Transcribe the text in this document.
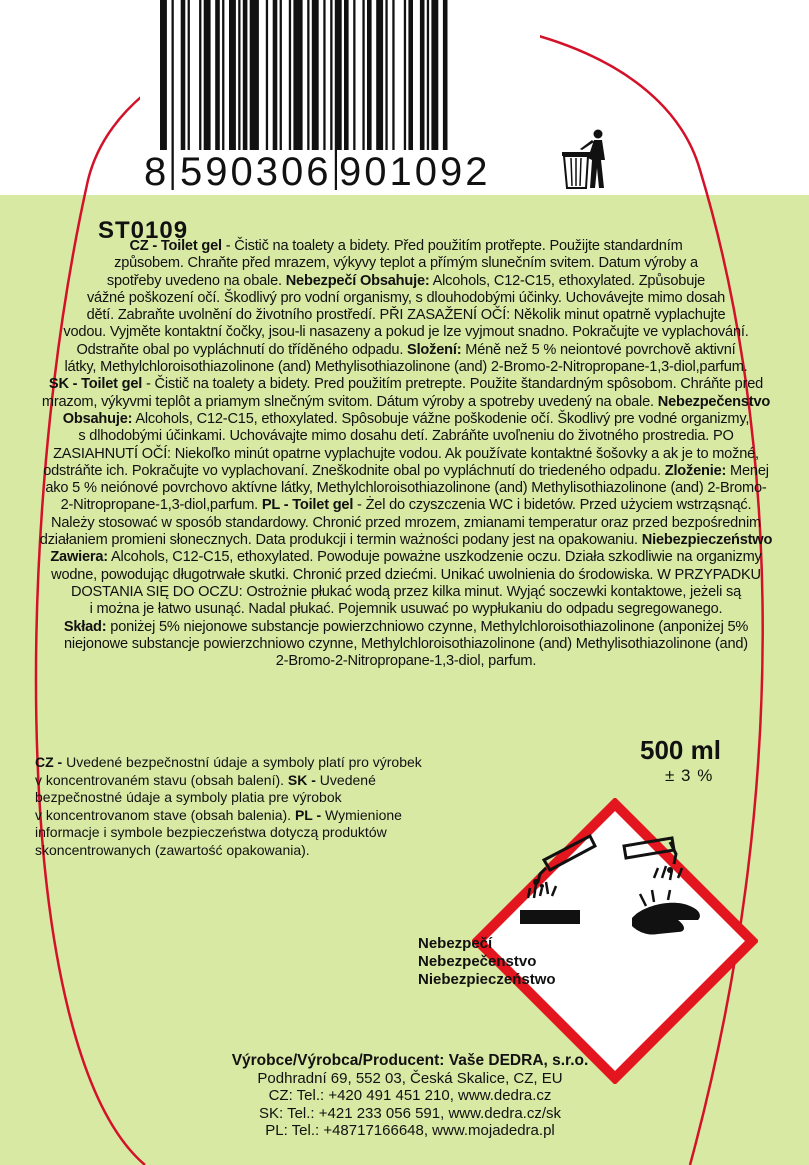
8 590306 901092
ST0109
CZ - Toilet gel - Čistič na toalety a bidety. Před použitím protřepte. Použijte standardním
způsobem. Chraňte před mrazem, výkyvy teplot a přímým slunečním svitem. Datum výroby a
spotřeby uvedeno na obale. Nebezpečí Obsahuje: Alcohols, C12-C15, ethoxylated. Způsobuje
vážné poškození očí. Škodlivý pro vodní organismy, s dlouhodobými účinky. Uchovávejte mimo dosah
dětí. Zabraňte uvolnění do životního prostředí. PŘI ZASAŽENÍ OČÍ: Několik minut opatrně vyplachujte
vodou. Vyjměte kontaktní čočky, jsou-li nasazeny a pokud je lze vyjmout snadno. Pokračujte ve vyplachování.
Odstraňte obal po vypláchnutí do tříděného odpadu. Složení: Méně než 5 % neiontové povrchově aktivní
látky, Methylchloroisothiazolinone (and) Methylisothiazolinone (and) 2-Bromo-2-Nitropropane-1,3-diol,parfum.
SK - Toilet gel - Čistič na toalety a bidety. Pred použitím pretrepte. Použite štandardným spôsobom. Chráňte pred
mrazom, výkyvmi teplôt a priamym slnečným svitom. Dátum výroby a spotreby uvedený na obale. Nebezpečenstvo
Obsahuje: Alcohols, C12-C15, ethoxylated. Spôsobuje vážne poškodenie očí. Škodlivý pre vodné organizmy,
s dlhodobými účinkami. Uchovávajte mimo dosahu detí. Zabráňte uvoľneniu do životného prostredia. PO
ZASIAHNUTÍ OČÍ: Niekoľko minút opatrne vyplachujte vodou. Ak používate kontaktné šošovky a ak je to možné,
odstráňte ich. Pokračujte vo vyplachovaní. Zneškodnite obal po vypláchnutí do triedeného odpadu. Zloženie: Menej
ako 5 % neiónové povrchovo aktívne látky, Methylchloroisothiazolinone (and) Methylisothiazolinone (and) 2-Bromo-
2-Nitropropane-1,3-diol,parfum. PL - Toilet gel - Żel do czyszczenia WC i bidetów. Przed użyciem wstrząsnąć.
Należy stosować w sposób standardowy. Chronić przed mrozem, zmianami temperatur oraz przed bezpośrednim
działaniem promieni słonecznych. Data produkcji i termin ważności podany jest na opakowaniu. Niebezpieczeństwo
Zawiera: Alcohols, C12-C15, ethoxylated. Powoduje poważne uszkodzenie oczu. Działa szkodliwie na organizmy
wodne, powodując długotrwałe skutki. Chronić przed dziećmi. Unikać uwolnienia do środowiska. W PRZYPADKU
DOSTANIA SIĘ DO OCZU: Ostrożnie płukać wodą przez kilka minut. Wyjąć soczewki kontaktowe, jeżeli są
i można je łatwo usunąć. Nadal płukać. Pojemnik usuwać po wypłukaniu do odpadu segregowanego.
Skład: poniżej 5% niejonowe substancje powierzchniowo czynne, Methylchloroisothiazolinone (anponiżej 5%
niejonowe substancje powierzchniowo czynne, Methylchloroisothiazolinone (and) Methylisothiazolinone (and)
2-Bromo-2-Nitropropane-1,3-diol, parfum.
CZ - Uvedené bezpečnostní údaje a symboly platí pro výrobek
v koncentrovaném stavu (obsah balení). SK - Uvedené
bezpečnostné údaje a symboly platia pre výrobok
v koncentrovanom stave (obsah balenia). PL - Wymienione
informacje i symbole bezpieczeństwa dotyczą produktów
skoncentrowanych (zawartość opakowania).
500 ml
± 3 %
Nebezpečí
Nebezpečenstvo
Niebezpieczeństwo
Výrobce/Výrobca/Producent: Vaše DEDRA, s.r.o.
Podhradní 69, 552 03, Česká Skalice, CZ, EU
CZ: Tel.: +420 491 451 210, www.dedra.cz
SK: Tel.: +421 233 056 591, www.dedra.cz/sk
PL: Tel.: +48717166648, www.mojadedra.pl
